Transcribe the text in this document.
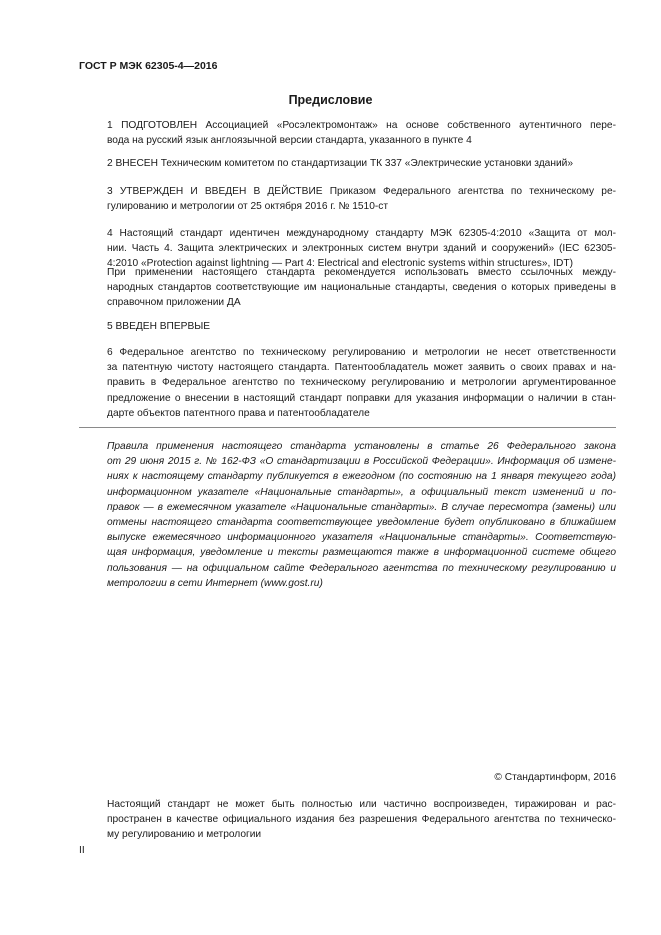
ГОСТ Р МЭК 62305-4—2016
Предисловие
1 ПОДГОТОВЛЕН Ассоциацией «Росэлектромонтаж» на основе собственного аутентичного пере-
вода на русский язык англоязычной версии стандарта, указанного в пункте 4
2 ВНЕСЕН Техническим комитетом по стандартизации ТК 337 «Электрические установки зданий»
3 УТВЕРЖДЕН И ВВЕДЕН В ДЕЙСТВИЕ Приказом Федерального агентства по техническому ре-
гулированию и метрологии от 25 октября 2016 г. № 1510-ст
4 Настоящий стандарт идентичен международному стандарту МЭК 62305-4:2010 «Защита от мол-
нии. Часть 4. Защита электрических и электронных систем внутри зданий и сооружений» (IEC 62305-
4:2010 «Protection against lightning — Part 4: Electrical and electronic systems within structures», IDT)
При применении настоящего стандарта рекомендуется использовать вместо ссылочных между-
народных стандартов соответствующие им национальные стандарты, сведения о которых приведены в
справочном приложении ДА
5 ВВЕДЕН ВПЕРВЫЕ
6 Федеральное агентство по техническому регулированию и метрологии не несет ответственности
за патентную чистоту настоящего стандарта. Патентообладатель может заявить о своих правах и на-
править в Федеральное агентство по техническому регулированию и метрологии аргументированное
предложение о внесении в настоящий стандарт поправки для указания информации о наличии в стан-
дарте объектов патентного права и патентообладателе
Правила применения настоящего стандарта установлены в статье 26 Федерального закона
от 29 июня 2015 г. № 162-ФЗ «О стандартизации в Российской Федерации». Информация об измене-
ниях к настоящему стандарту публикуется в ежегодном (по состоянию на 1 января текущего года)
информационном указателе «Национальные стандарты», а официальный текст изменений и по-
правок — в ежемесячном указателе «Национальные стандарты». В случае пересмотра (замены) или
отмены настоящего стандарта соответствующее уведомление будет опубликовано в ближайшем
выпуске ежемесячного информационного указателя «Национальные стандарты». Соответствую-
щая информация, уведомление и тексты размещаются также в информационной системе общего
пользования — на официальном сайте Федерального агентства по техническому регулированию и
метрологии в сети Интернет (www.gost.ru)
© Стандартинформ, 2016
Настоящий стандарт не может быть полностью или частично воспроизведен, тиражирован и рас-
пространен в качестве официального издания без разрешения Федерального агентства по техническо-
му регулированию и метрологии
II
